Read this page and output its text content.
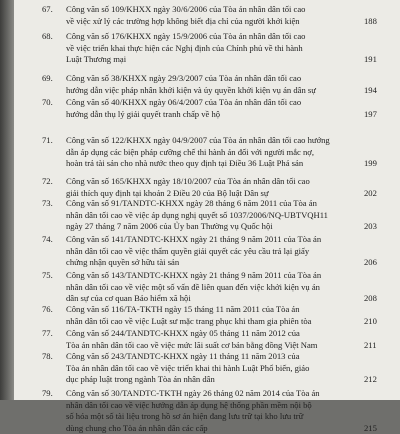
67. Công văn số 109/KHXX ngày 30/6/2006 của Tòa án nhân dân tối cao
về việc xử lý các trường hợp không biết địa chỉ của người khởi kiện	188
68. Công văn số 176/KHXX ngày 15/9/2006 của Tòa án nhân dân tối cao
về việc triển khai thực hiện các Nghị định của Chính phủ về thi hành
Luật Thương mại	191
69. Công văn số 38/KHXX ngày 29/3/2007 của Tòa án nhân dân tối cao
hướng dẫn việc pháp nhân khởi kiện và ủy quyền khởi kiện vụ án dân sự	194
70. Công văn số 40/KHXX ngày 06/4/2007 của Tòa án nhân dân tối cao
hướng dẫn thụ lý giải quyết tranh chấp về hộ	197
71. Công văn số 122/KHXX ngày 04/9/2007 của Tòa án nhân dân tối cao hướng
dẫn áp dụng các biện pháp cưỡng chế thi hành án đối với người mắc nợ,
hoàn trả tài sản cho nhà nước theo quy định tại Điều 36 Luật Phá sản	199
72. Công văn số 165/KHXX ngày 18/10/2007 của Tòa án nhân dân tối cao
giải thích quy định tại khoản 2 Điều 20 của Bộ luật Dân sự	202
73. Công văn số 91/TANDTC-KHXX ngày 28 tháng 6 năm 2011 của Tòa án
nhân dân tối cao về việc áp dụng nghị quyết số 1037/2006/NQ-UBTVQH11
ngày 27 tháng 7 năm 2006 của Ủy ban Thường vụ Quốc hội	203
74. Công văn số 141/TANDTC-KHXX ngày 21 tháng 9 năm 2011 của Tòa án
nhân dân tối cao về việc thẩm quyền giải quyết các yêu cầu trả lại giấy
chứng nhận quyền sở hữu tài sản	206
75. Công văn số 143/TANDTC-KHXX ngày 21 tháng 9 năm 2011 của Tòa án
nhân dân tối cao về việc một số vấn đề liên quan đến việc khởi kiện vụ án
dân sự của cơ quan Bảo hiểm xã hội	208
76. Công văn số 116/TA-TKTH ngày 15 tháng 11 năm 2011 của Tòa án
nhân dân tối cao về việc Luật sư mặc trang phục khi tham gia phiên tòa	210
77. Công văn số 244/TANDTC-KHXX ngày 05 tháng 11 năm 2012 của
Tòa án nhân dân tối cao về việc mức lãi suất cơ bản bằng đồng Việt Nam	211
78. Công văn số 243/TANDTC-KHXX ngày 11 tháng 11 năm 2013 của
Tòa án nhân dân tối cao về việc triển khai thi hành Luật Phổ biến, giáo
dục pháp luật trong ngành Tòa án nhân dân	212
79. Công văn số 30/TANDTC-TKTH ngày 26 tháng 02 năm 2014 của Tòa án
nhân dân tối cao về việc hướng dẫn áp dụng hệ thống phần mềm nội bộ
số hóa một số tài liệu trong hồ sơ án hiện đang lưu trữ tại kho lưu trữ
dùng chung cho Tòa án nhân dân các cấp	215
